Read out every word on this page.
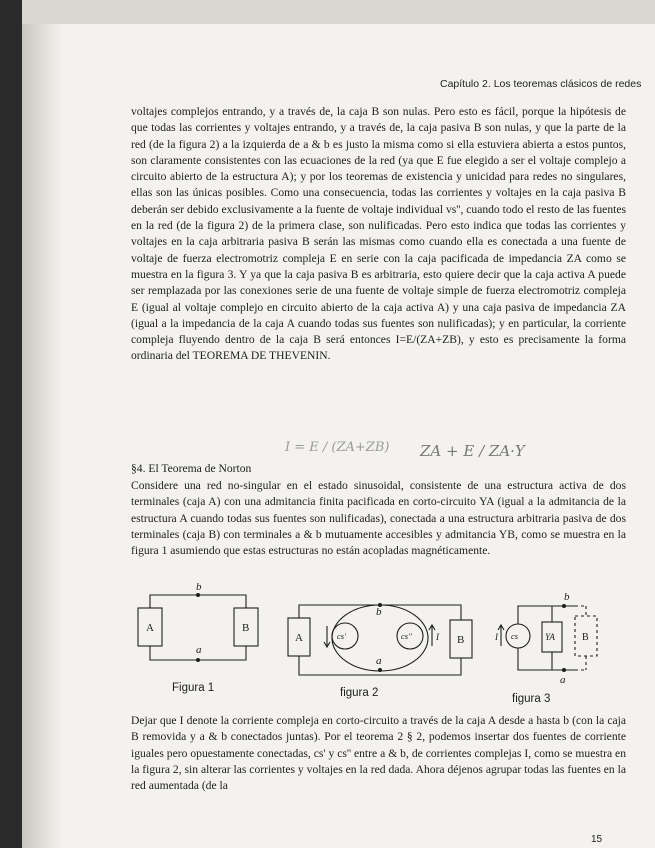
Capítulo 2. Los teoremas clásicos de redes
voltajes complejos entrando, y a través de, la caja B son nulas. Pero esto es fácil, porque la hipótesis de que todas las corrientes y voltajes entrando, y a través de, la caja pasiva B son nulas, y que la parte de la red (de la figura 2) a la izquierda de a & b es justo la misma como si ella estuviera abierta a estos puntos, son claramente consistentes con las ecuaciones de la red (ya que E fue elegido a ser el voltaje complejo a circuito abierto de la estructura A); y por los teoremas de existencia y unicidad para redes no singulares, ellas son las únicas posibles. Como una consecuencia, todas las corrientes y voltajes en la caja pasiva B deberán ser debido exclusivamente a la fuente de voltaje individual vs'', cuando todo el resto de las fuentes en la red (de la figura 2) de la primera clase, son nulificadas. Pero esto indica que todas las corrientes y voltajes en la caja arbitraria pasiva B serán las mismas como cuando ella es conectada a una fuente de voltaje de fuerza electromotriz compleja E en serie con la caja pacificada de impedancia ZA como se muestra en la figura 3. Y ya que la caja pasiva B es arbitraria, esto quiere decir que la caja activa A puede ser remplazada por las conexiones serie de una fuente de voltaje simple de fuerza electromotriz compleja E (igual al voltaje complejo en circuito abierto de la caja activa A) y una caja pasiva de impedancia ZA (igual a la impedancia de la caja A cuando todas sus fuentes son nulificadas); y en particular, la corriente compleja fluyendo dentro de la caja B será entonces I=E/(ZA+ZB), y esto es precisamente la forma ordinaria del TEOREMA DE THEVENIN.
I = E / (ZA+ZB) ZA + E / ZA·Y
§4. El Teorema de Norton
Considere una red no-singular en el estado sinusoidal, consistente de una estructura activa de dos terminales (caja A) con una admitancia finita pacificada en corto-circuito YA (igual a la admitancia de la estructura A cuando todas sus fuentes son nulificadas), conectada a una estructura arbitraria pasiva de dos terminales (caja B) con terminales a & b mutuamente accesibles y admitancia YB, como se muestra en la figura 1 asumiendo que estas estructuras no están acopladas magnéticamente.
A	B
b
a
A	B
b
a
cs'	cs''	I	cs	YA	B
b
a
I
Figura 1	figura 2	figura 3
Dejar que I denote la corriente compleja en corto-circuito a través de la caja A desde a hasta b (con la caja B removida y a & b conectados juntas). Por el teorema 2 § 2, podemos insertar dos fuentes de corriente iguales pero opuestamente conectadas, cs' y cs'' entre a & b, de corrientes complejas I, como se muestra en la figura 2, sin alterar las corrientes y voltajes en la red dada. Ahora déjenos agrupar todas las fuentes en la red aumentada (de la
15
